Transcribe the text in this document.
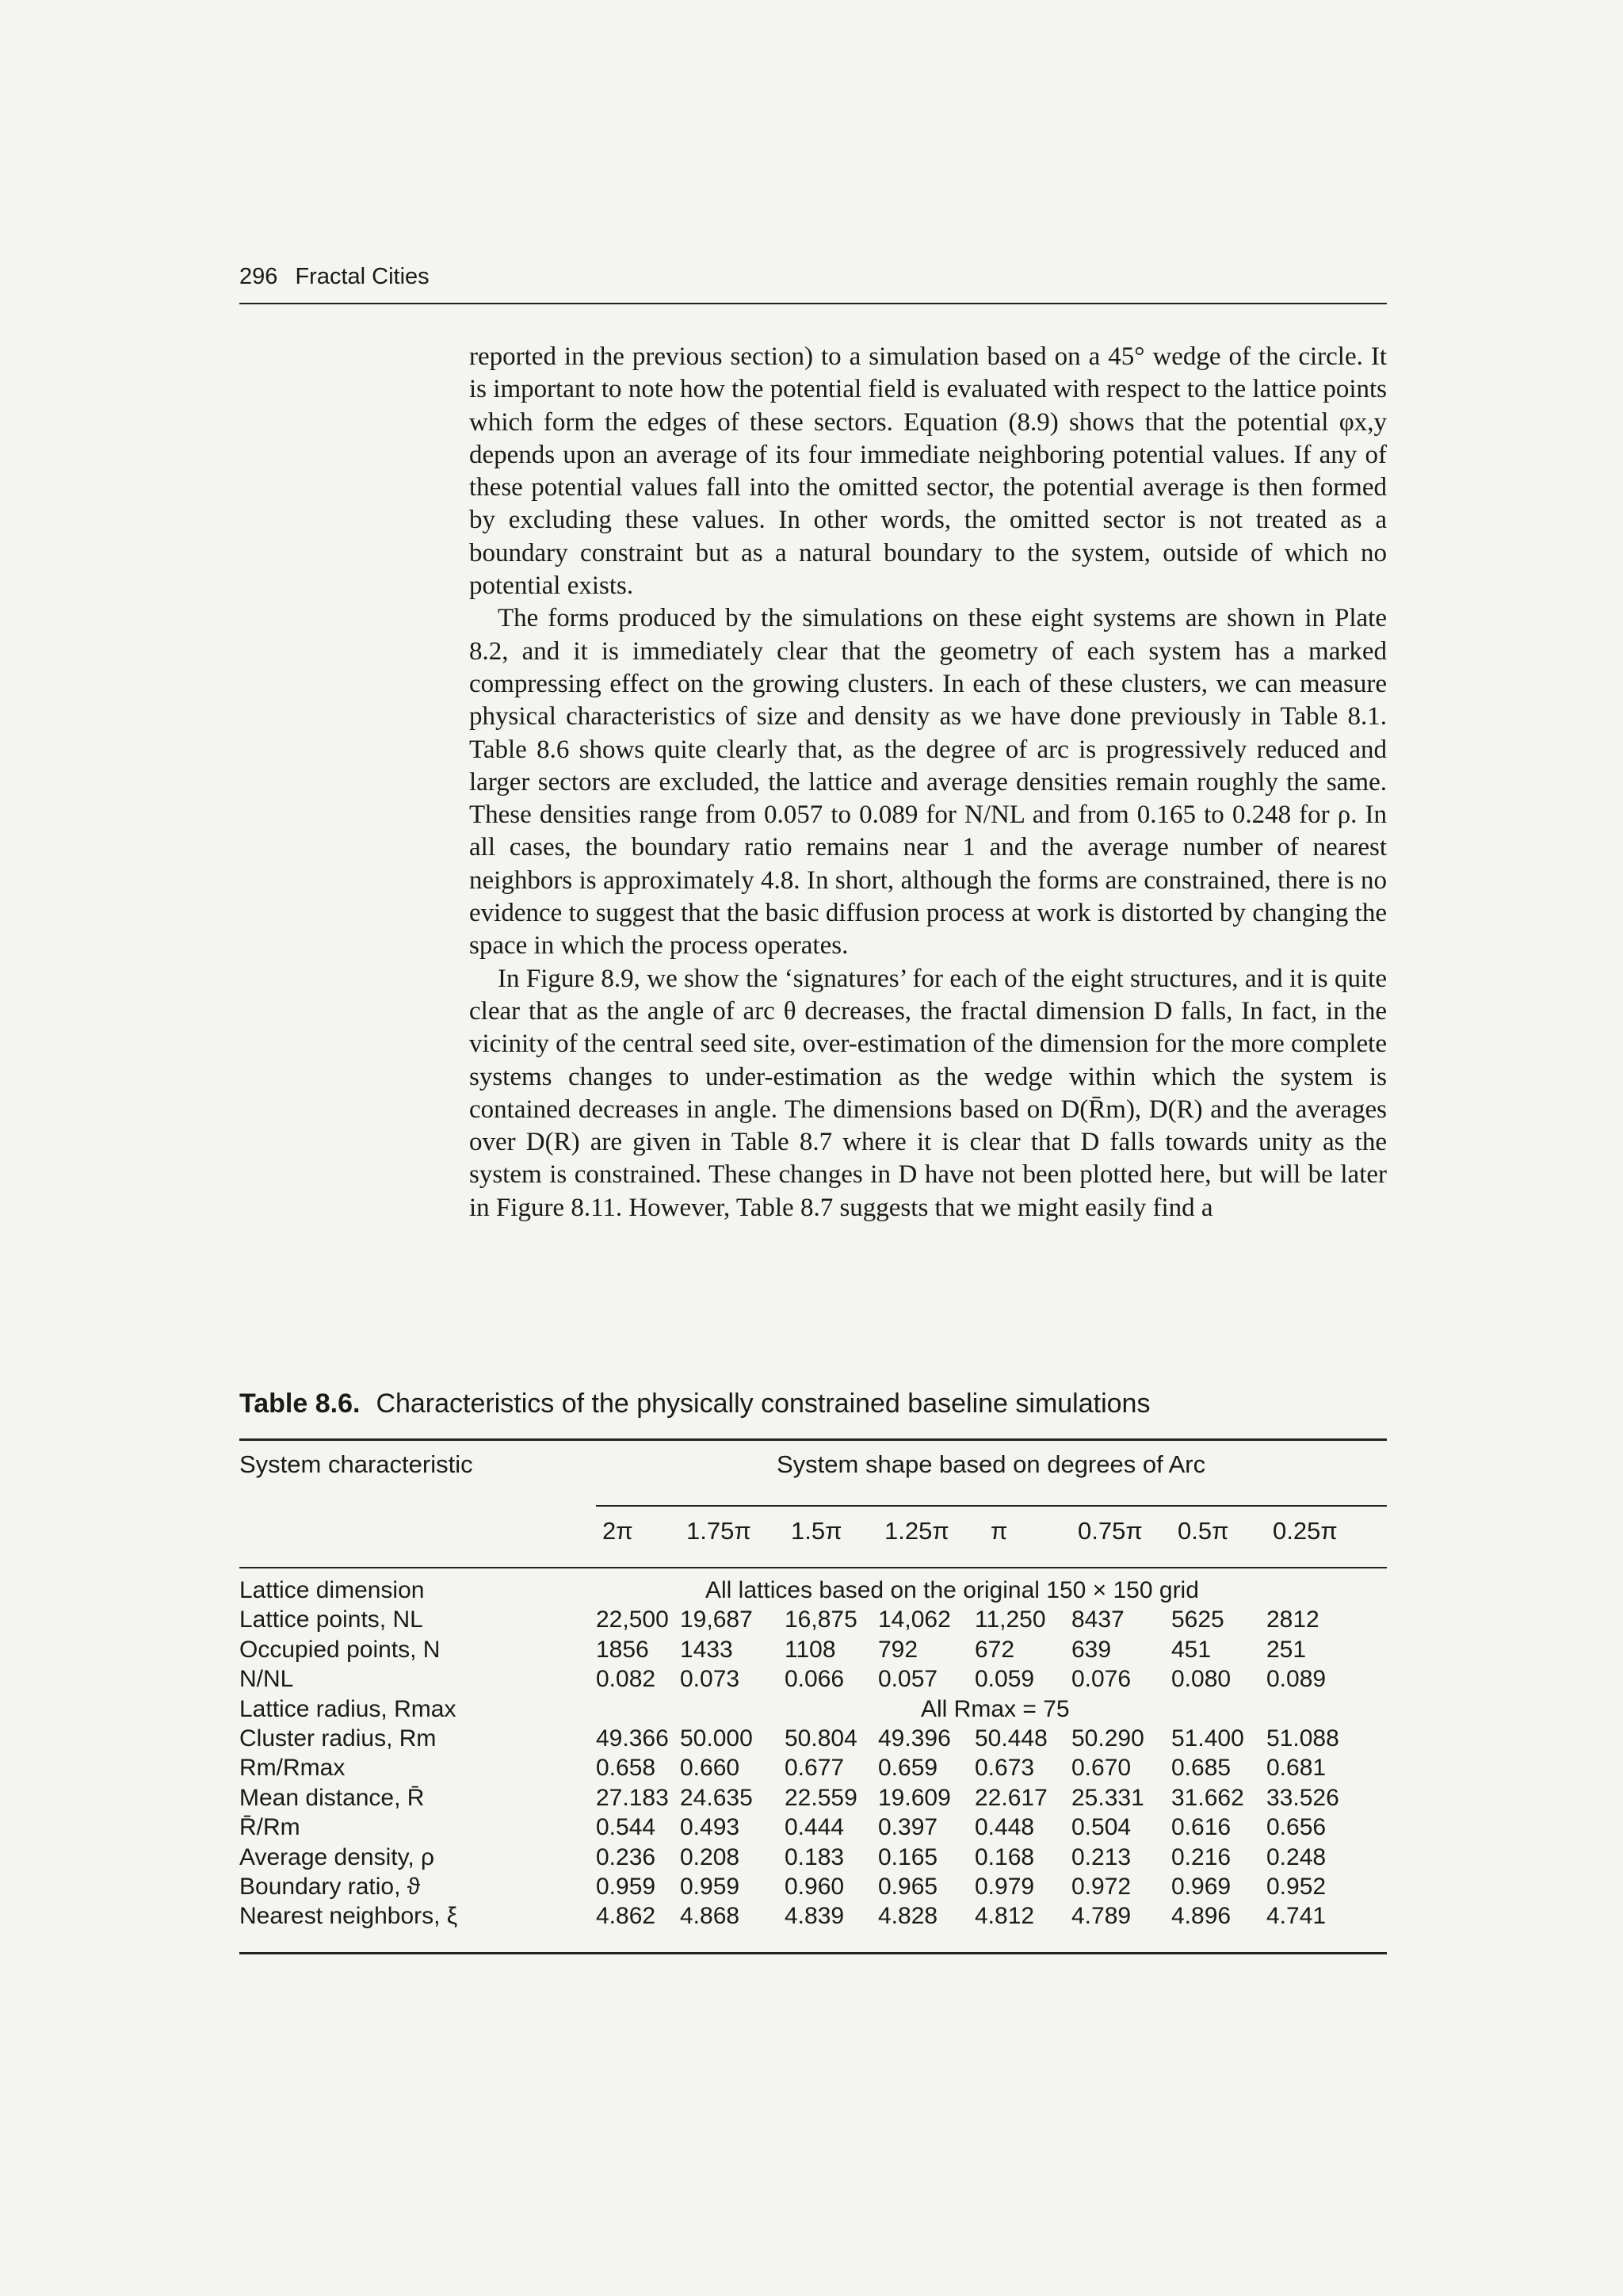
296 Fractal Cities

reported in the previous section) to a simulation based on a 45° wedge of the circle. It is important to note how the potential field is evaluated with respect to the lattice points which form the edges of these sectors. Equation (8.9) shows that the potential φx,y depends upon an average of its four immediate neighboring potential values. If any of these potential values fall into the omitted sector, the potential average is then formed by excluding these values. In other words, the omitted sector is not treated as a boundary constraint but as a natural boundary to the system, outside of which no potential exists.

The forms produced by the simulations on these eight systems are shown in Plate 8.2, and it is immediately clear that the geometry of each system has a marked compressing effect on the growing clusters. In each of these clusters, we can measure physical characteristics of size and density as we have done previously in Table 8.1. Table 8.6 shows quite clearly that, as the degree of arc is progressively reduced and larger sectors are excluded, the lattice and average densities remain roughly the same. These densities range from 0.057 to 0.089 for N/NL and from 0.165 to 0.248 for ρ. In all cases, the boundary ratio remains near 1 and the average number of nearest neighbors is approximately 4.8. In short, although the forms are constrained, there is no evidence to suggest that the basic diffusion process at work is distorted by changing the space in which the process operates.

In Figure 8.9, we show the ‘signatures’ for each of the eight structures, and it is quite clear that as the angle of arc θ decreases, the fractal dimension D falls, In fact, in the vicinity of the central seed site, over-estimation of the dimension for the more complete systems changes to under-estimation as the wedge within which the system is contained decreases in angle. The dimensions based on D(R̄m), D(R) and the averages over D(R) are given in Table 8.7 where it is clear that D falls towards unity as the system is constrained. These changes in D have not been plotted here, but will be later in Figure 8.11. However, Table 8.7 suggests that we might easily find a

Table 8.6. Characteristics of the physically constrained baseline simulations
System characteristic	System shape based on degrees of Arc
2π 1.75π 1.5π 1.25π π	0.75π 0.5π 0.25π
Lattice dimension	All lattices based on the original 150 × 150 grid
Lattice points, NL	22,500 19,687 16,875 14,062 11,250 8437 5625 2812
Occupied points, N	1856 1433 1108 792 672 639	451 251
N/NL	0.082 0.073 0.066 0.057 0.059 0.076 0.080 0.089
Lattice radius, Rmax	All Rmax = 75
Cluster radius, Rm	49.366 50.000 50.804 49.396 50.448 50.290 51.400 51.088
Rm/Rmax	0.658 0.660 0.677 0.659 0.673 0.670 0.685 0.681
Mean distance, R̄	27.183 24.635 22.559 19.609 22.617 25.331 31.662 33.526
R̄/Rm	0.544 0.493 0.444 0.397 0.448 0.504 0.616 0.656
Average density, ρ	0.236 0.208 0.183 0.165 0.168 0.213 0.216 0.248
Boundary ratio, ϑ	0.959 0.959 0.960 0.965 0.979 0.972 0.969 0.952
Nearest neighbors, ξ	4.862 4.868 4.839 4.828 4.812 4.789 4.896 4.741
